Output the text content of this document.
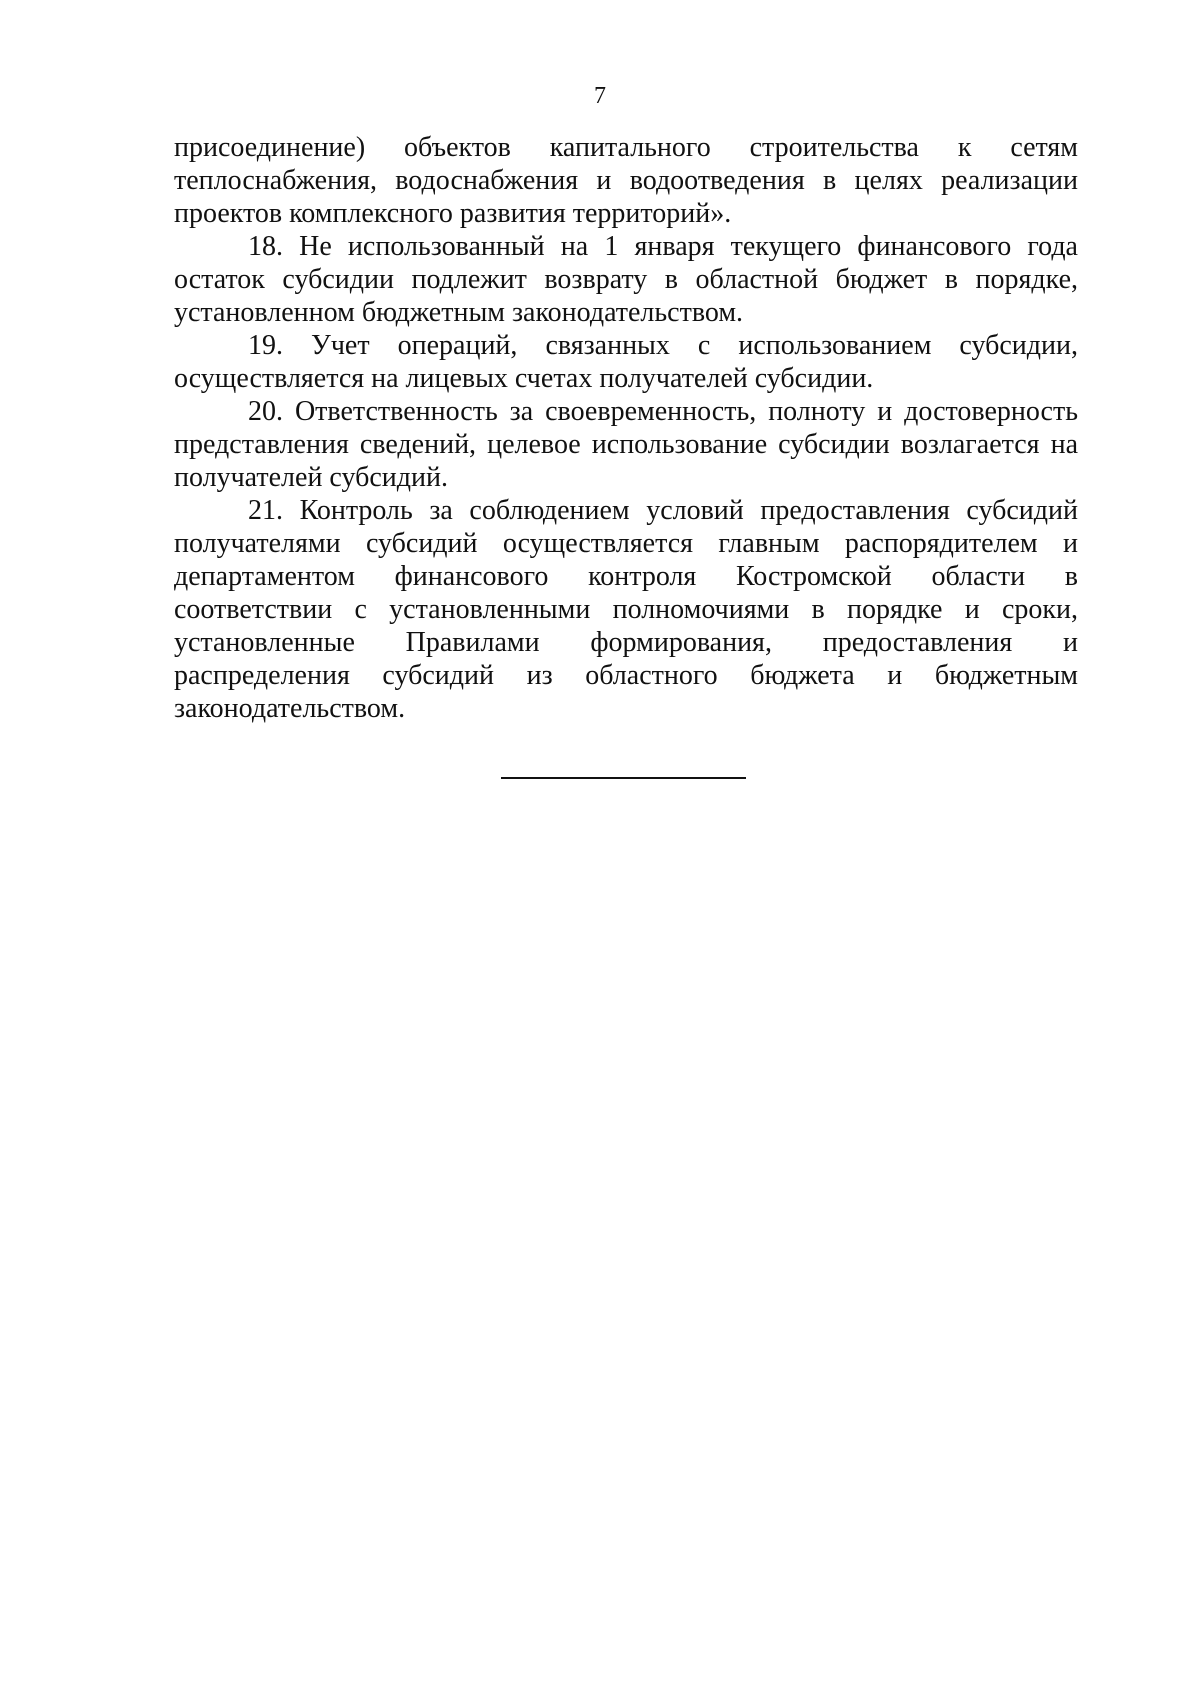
7

присоединение) объектов капитального строительства к сетям теплоснабжения, водоснабжения и водоотведения в целях реализации проектов комплексного развития территорий».

18. Не использованный на 1 января текущего финансового года остаток субсидии подлежит возврату в областной бюджет в порядке, установленном бюджетным законодательством.

19. Учет операций, связанных с использованием субсидии, осуществляется на лицевых счетах получателей субсидии.

20. Ответственность за своевременность, полноту и достоверность представления сведений, целевое использование субсидии возлагается на получателей субсидий.

21. Контроль за соблюдением условий предоставления субсидий получателями субсидий осуществляется главным распорядителем и департаментом финансового контроля Костромской области в соответствии с установленными полномочиями в порядке и сроки, установленные Правилами формирования, предоставления и распределения субсидий из областного бюджета и бюджетным законодательством.
